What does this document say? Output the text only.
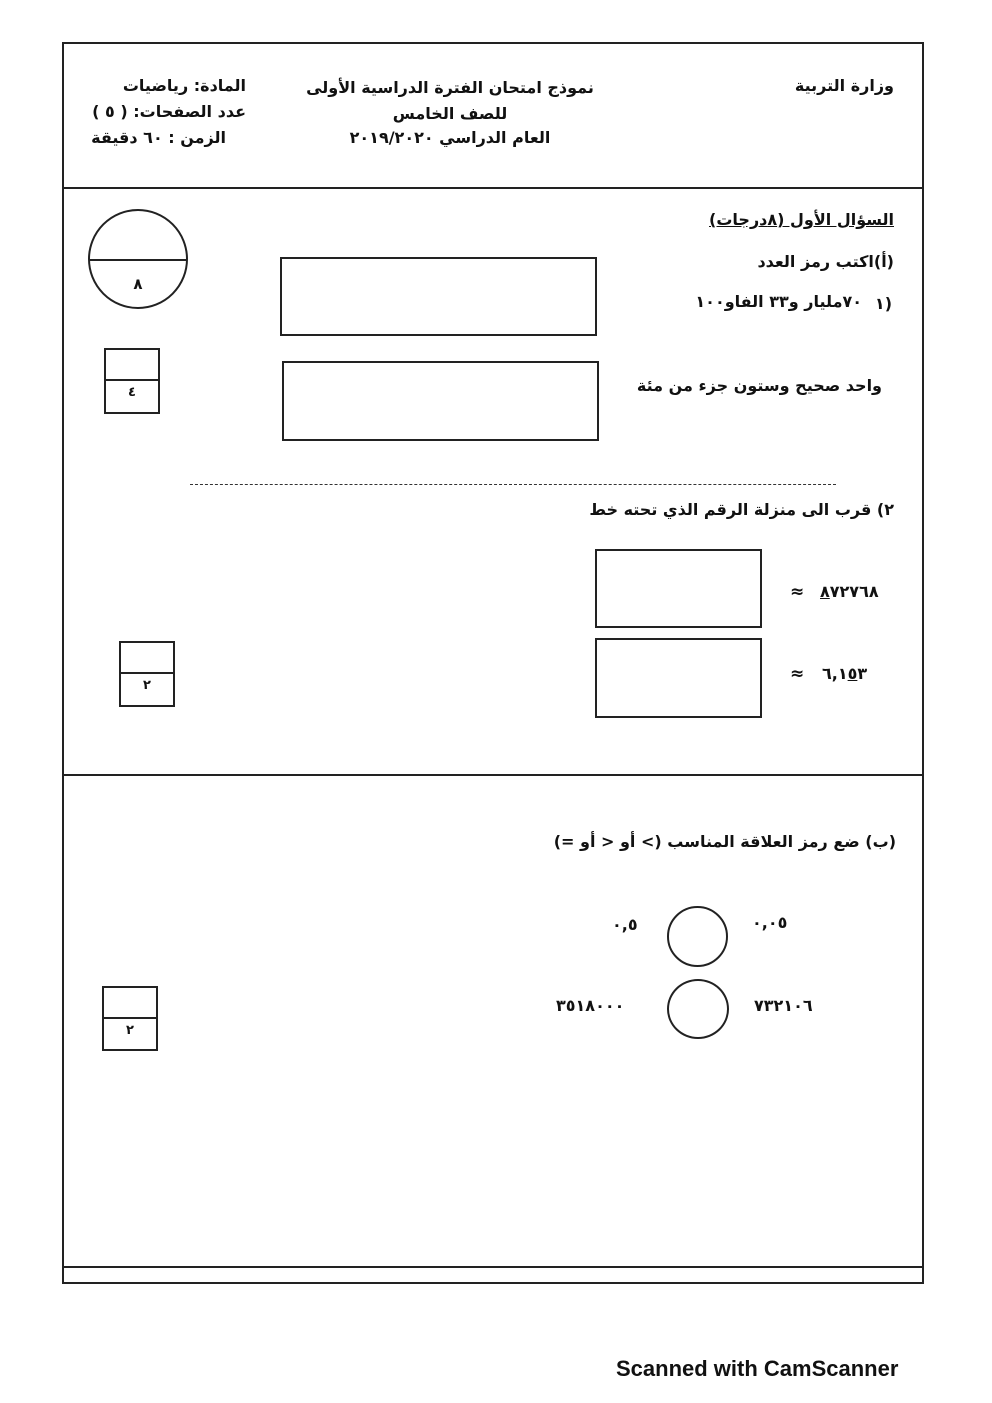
وزارة التربية
نموذج امتحان الفترة الدراسية الأولى
للصف الخامس
العام الدراسي ٢٠١٩/٢٠٢٠
المادة: رياضيات
عدد الصفحات: ( ٥ )
الزمن : ٦٠ دقيقة
السؤال الأول (٨درجات)
٨
(أ)اكتب رمز العدد
١)
٧٠مليار و٣٣ الفاو١٠٠
واحد صحيح وستون جزء من مئة
٤
٢) قرب الى منزلة الرقم الذي تحته خط
٨٧٢٧٦٨
≈
٦,١٥٣
≈
٢
(ب) ضع رمز العلاقة المناسب (> أو < أو =)
٠,٠٥
٠,٥
٧٣٢١٠٦
٣٥١٨٠٠٠
٢
Scanned with CamScanner
